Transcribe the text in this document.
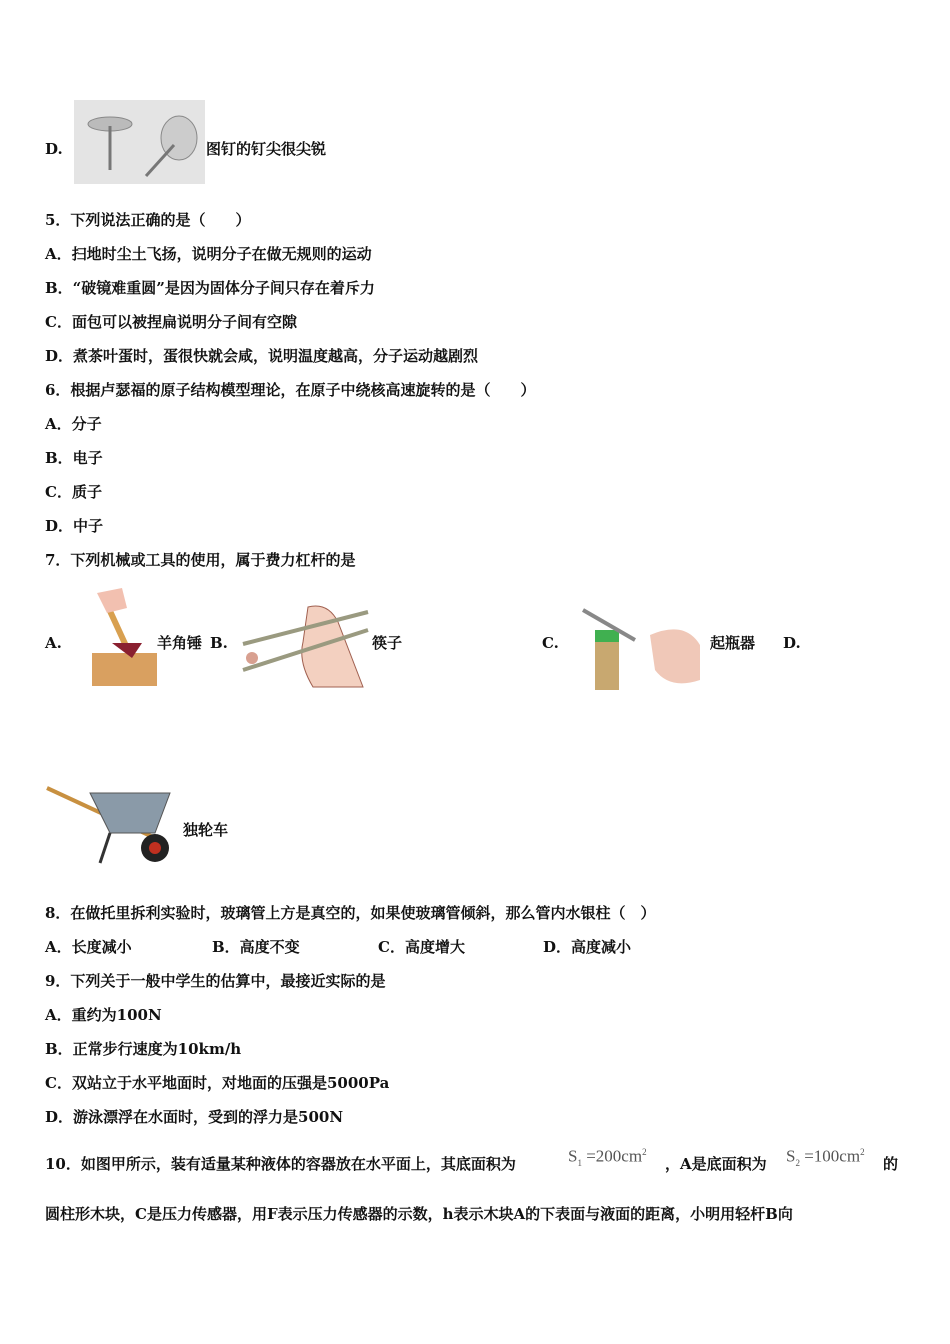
D.	图钉的钉尖很尖锐
5．下列说法正确的是（　　）
A．扫地时尘土飞扬，说明分子在做无规则的运动
B．“破镜难重圆”是因为固体分子间只存在着斥力
C．面包可以被捏扁说明分子间有空隙
D．煮茶叶蛋时，蛋很快就会咸，说明温度越高，分子运动越剧烈
6．根据卢瑟福的原子结构模型理论，在原子中绕核高速旋转的是（　　）
A．分子
B．电子
C．质子
D．中子
7．下列机械或工具的使用，属于费力杠杆的是
A.	羊角锤 B.	筷子	C.	起瓶器 D.
独轮车
8．在做托里拆利实验时，玻璃管上方是真空的，如果使玻璃管倾斜，那么管内水银柱（　）
A．长度减小	B．高度不变	C．高度增大	D．高度减小
9．下列关于一般中学生的估算中，最接近实际的是
A．重约为100N
B．正常步行速度为10km/h
C．双站立于水平地面时，对地面的压强是5000Pa
D．游泳漂浮在水面时，受到的浮力是500N
10．如图甲所示，装有适量某种液体的容器放在水平面上，其底面积为	$S_1 =200cm^2$
，A是底面积为 $S_2 =100cm^2$
的
圆柱形木块，C是压力传感器，用F表示压力传感器的示数，h表示木块A的下表面与液面的距离，小明用轻杆B向
